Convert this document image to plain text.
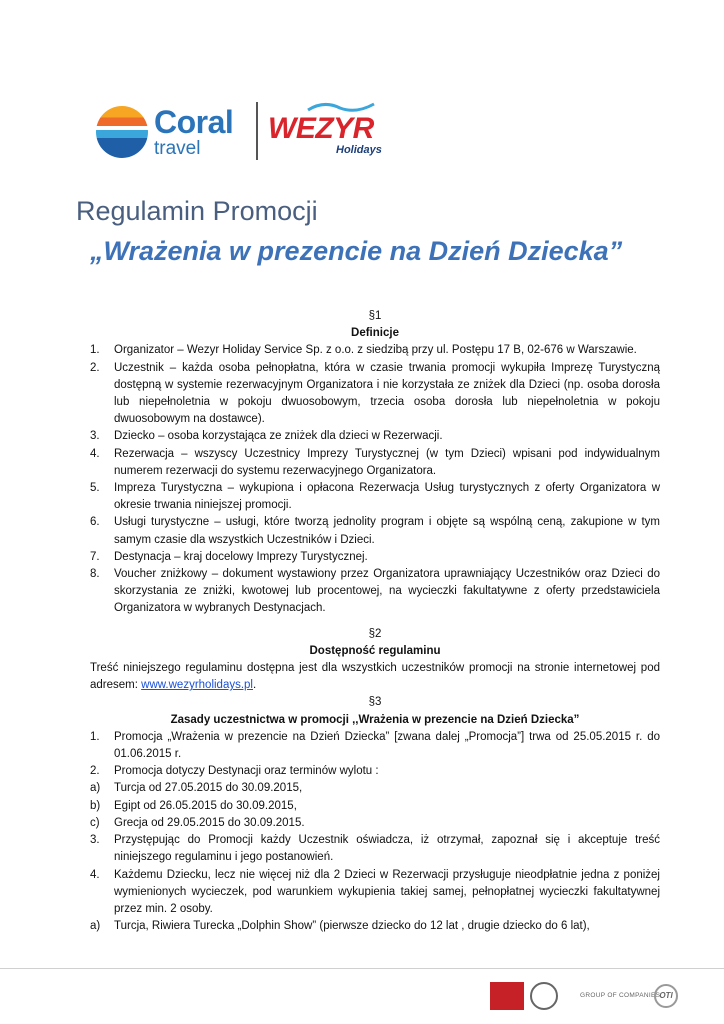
Coral
travel
WEZYR
Holidays
Regulamin Promocji
„Wrażenia w prezencie na Dzień Dziecka”

§1

Definicje

1.	Organizator – Wezyr Holiday Service Sp. z o.o. z siedzibą przy ul. Postępu 17 B, 02-676 w Warszawie.
2.	Uczestnik – każda osoba pełnopłatna, która w czasie trwania promocji wykupiła Imprezę Turystyczną dostępną w systemie rezerwacyjnym Organizatora i nie korzystała ze zniżek dla Dzieci (np. osoba dorosła lub niepełnoletnia w pokoju dwuosobowym, trzecia osoba dorosła lub niepełnoletnia w pokoju dwuosobowym na dostawce).
3.	Dziecko – osoba korzystająca ze zniżek dla dzieci w Rezerwacji.
4.	Rezerwacja – wszyscy Uczestnicy Imprezy Turystycznej (w tym Dzieci) wpisani pod indywidualnym numerem rezerwacji do systemu rezerwacyjnego Organizatora.
5.	Impreza Turystyczna – wykupiona i opłacona Rezerwacja Usług turystycznych z oferty Organizatora w okresie trwania niniejszej promocji.
6.	Usługi turystyczne – usługi, które tworzą jednolity program i objęte są wspólną ceną, zakupione w tym samym czasie dla wszystkich Uczestników i Dzieci.
7.	Destynacja – kraj docelowy Imprezy Turystycznej.
8.	Voucher zniżkowy – dokument wystawiony przez Organizatora uprawniający Uczestników oraz Dzieci do skorzystania ze zniżki, kwotowej lub procentowej, na wycieczki fakultatywne z oferty przedstawiciela Organizatora w wybranych Destynacjach.

§2

Dostępność regulaminu

Treść niniejszego regulaminu dostępna jest dla wszystkich uczestników promocji na stronie internetowej pod adresem: www.wezyrholidays.pl.

§3

Zasady uczestnictwa w promocji ,,Wrażenia w prezencie na Dzień Dziecka”

1.	Promocja „Wrażenia w prezencie na Dzień Dziecka” [zwana dalej „Promocja”] trwa od 25.05.2015 r. do 01.06.2015 r.
2.	Promocja dotyczy Destynacji oraz terminów wylotu :
a)	Turcja od 27.05.2015 do 30.09.2015,
b)	Egipt od 26.05.2015 do 30.09.2015,
c)	Grecja od 29.05.2015 do 30.09.2015.
3.	Przystępując do Promocji każdy Uczestnik oświadcza, iż otrzymał, zapoznał się i akceptuje treść niniejszego regulaminu i jego postanowień.
4.	Każdemu Dziecku, lecz nie więcej niż dla 2 Dzieci w Rezerwacji przysługuje nieodpłatnie jedna z poniżej wymienionych wycieczek, pod warunkiem wykupienia takiej samej, pełnopłatnej wycieczki fakultatywnej przez min. 2 osoby.
a)	Turcja, Riwiera Turecka „Dolphin Show” (pierwsze dziecko do 12 lat , drugie dziecko do 6 lat),
GROUP OF COMPANIES OTI
